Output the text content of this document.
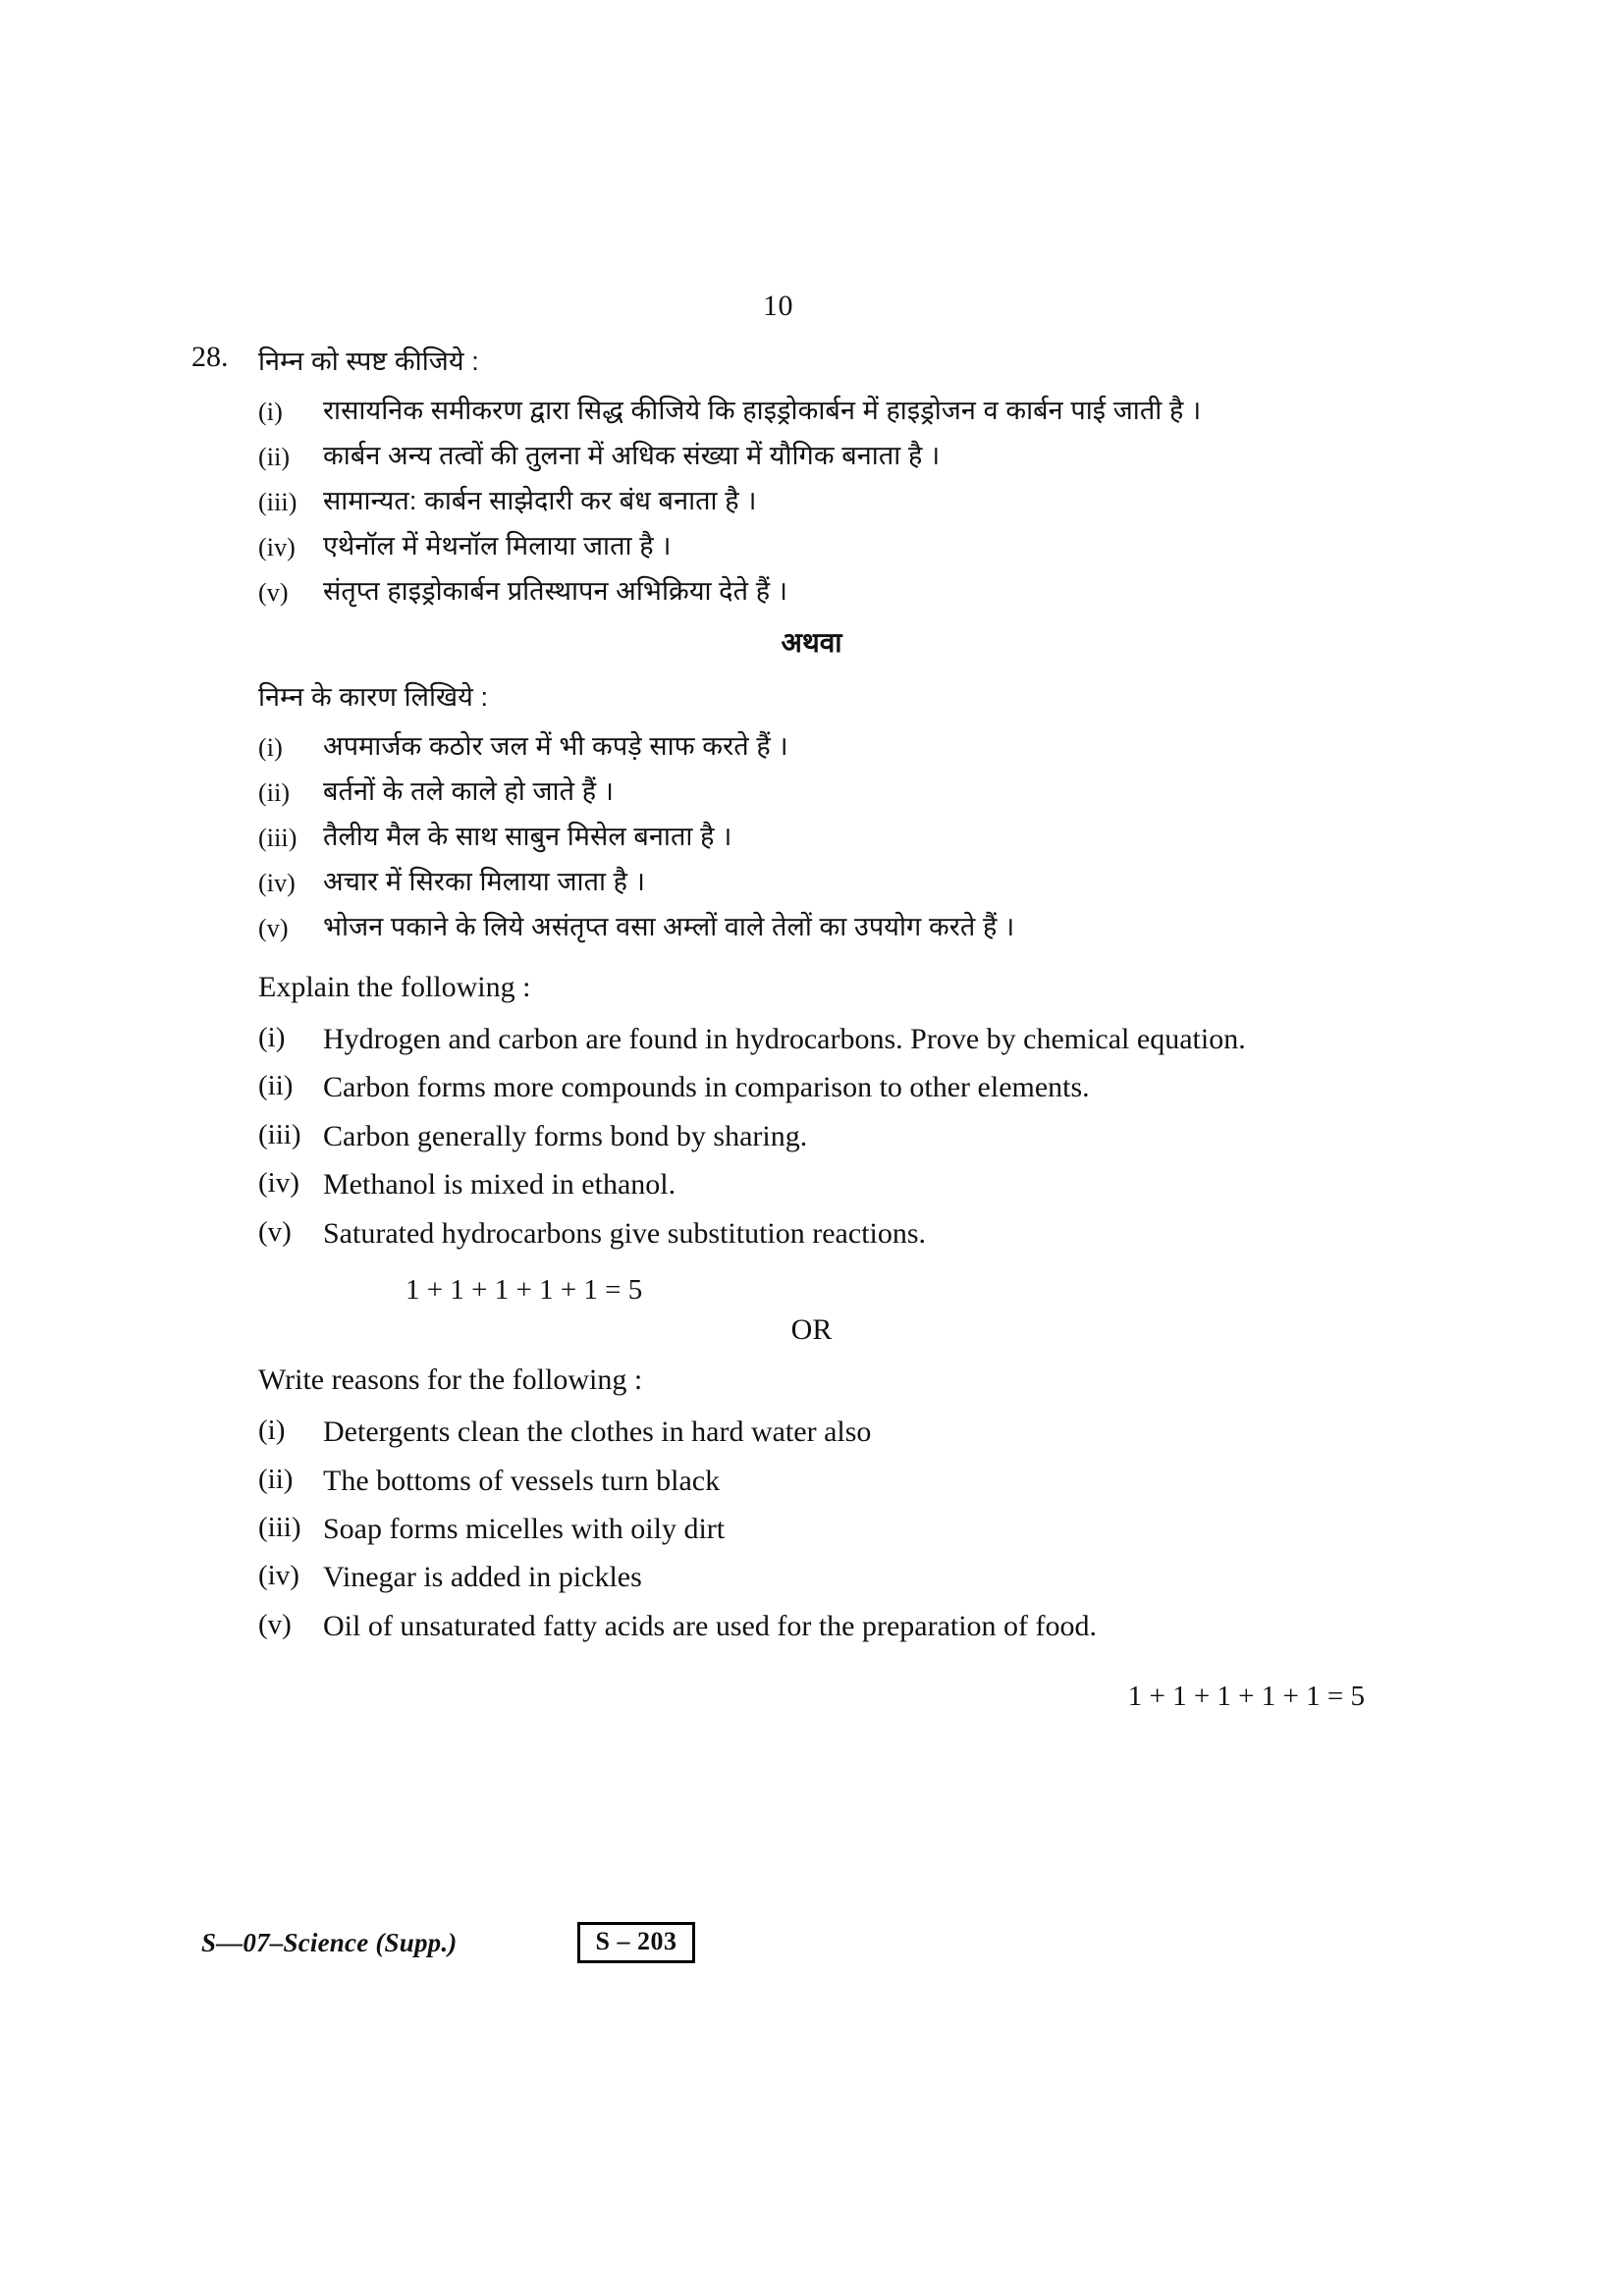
10
28.	निम्न को स्पष्ट कीजिये :

(i)	रासायनिक समीकरण द्वारा सिद्ध कीजिये कि हाइड्रोकार्बन में हाइड्रोजन व कार्बन पाई जाती है ।
(ii)	कार्बन अन्य तत्वों की तुलना में अधिक संख्या में यौगिक बनाता है ।
(iii) सामान्यत: कार्बन साझेदारी कर बंध बनाता है ।
(iv)	एथेनॉल में मेथनॉल मिलाया जाता है ।
(v)	संतृप्त हाइड्रोकार्बन प्रतिस्थापन अभिक्रिया देते हैं ।
अथवा

निम्न के कारण लिखिये :

(i)	अपमार्जक कठोर जल में भी कपड़े साफ करते हैं ।
(ii)	बर्तनों के तले काले हो जाते हैं ।
(iii) तैलीय मैल के साथ साबुन मिसेल बनाता है ।
(iv)	अचार में सिरका मिलाया जाता है ।
(v)	भोजन पकाने के लिये असंतृप्त वसा अम्लों वाले तेलों का उपयोग करते हैं ।

Explain the following :

(i)	Hydrogen and carbon are found in hydrocarbons. Prove by chemical equation.
(ii)	Carbon forms more compounds in comparison to other elements.
(iii) Carbon generally forms bond by sharing.
(iv) Methanol is mixed in ethanol.
(v)	Saturated hydrocarbons give substitution reactions.
1 + 1 + 1 + 1 + 1 = 5
OR

Write reasons for the following :

(i)	Detergents clean the clothes in hard water also
(ii)	The bottoms of vessels turn black
(iii) Soap forms micelles with oily dirt
(iv) Vinegar is added in pickles
(v)	Oil of unsaturated fatty acids are used for the preparation of food.
1 + 1 + 1 + 1 + 1 = 5
S—07–Science (Supp.)	S – 203
